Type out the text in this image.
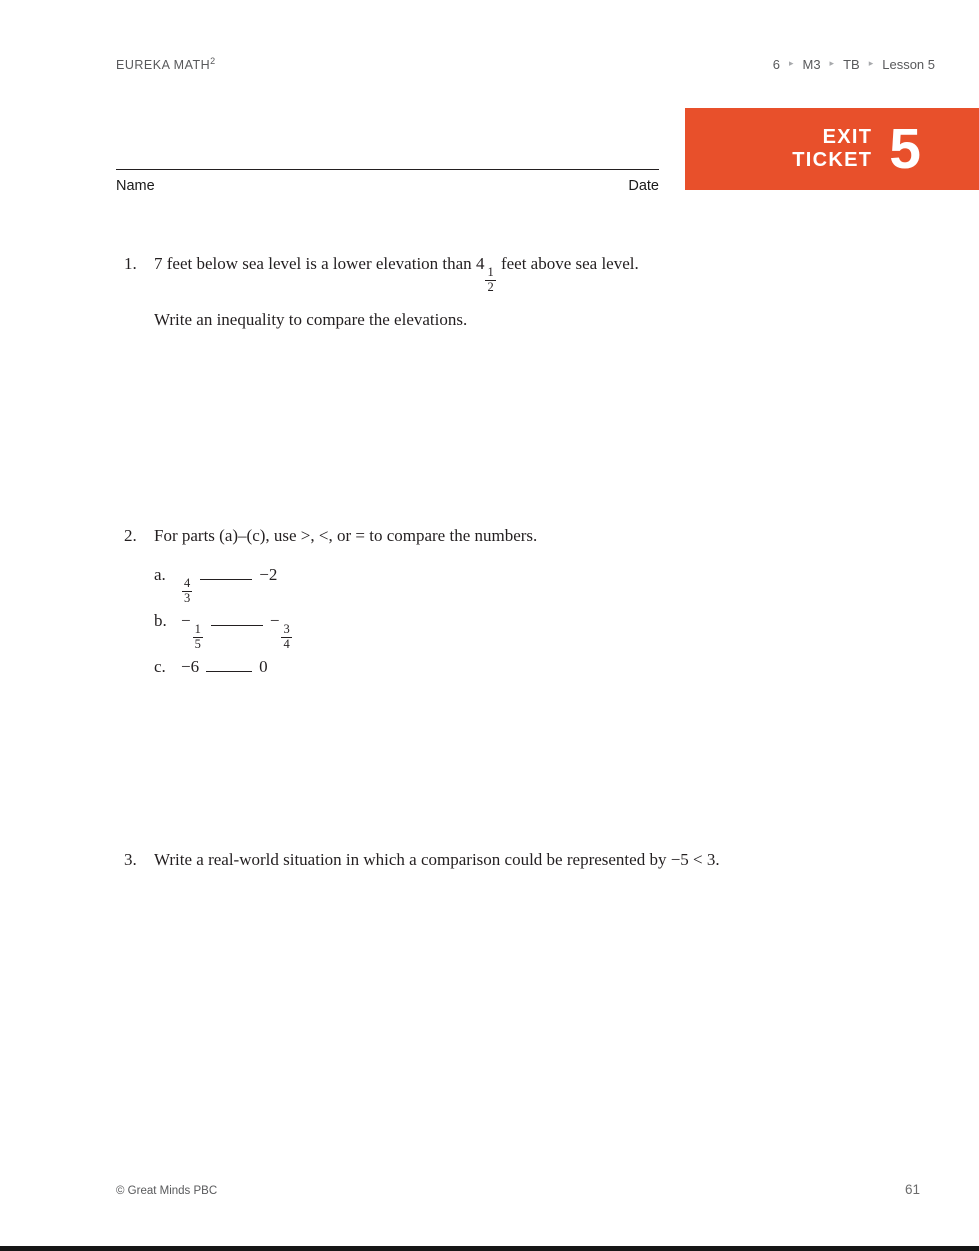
EUREKA MATH$^2$	6 ▸ M3 ▸ TB ▸ Lesson 5
EXIT
TICKET 5
Name	Date
1.	7 feet below sea level is a lower elevation than 4
$\frac{1}{2}$
feet above sea level.
Write an inequality to compare the elevations.
2.	For parts (a)–(c), use >, <, or = to compare the numbers.
a.
$\frac{4}{3}$
−2
b. −
$\frac{1}{5}$
−
$\frac{3}{4}$
c. −6	0
3.	Write a real-world situation in which a comparison could be represented by −5 < 3.
© Great Minds PBC	61
